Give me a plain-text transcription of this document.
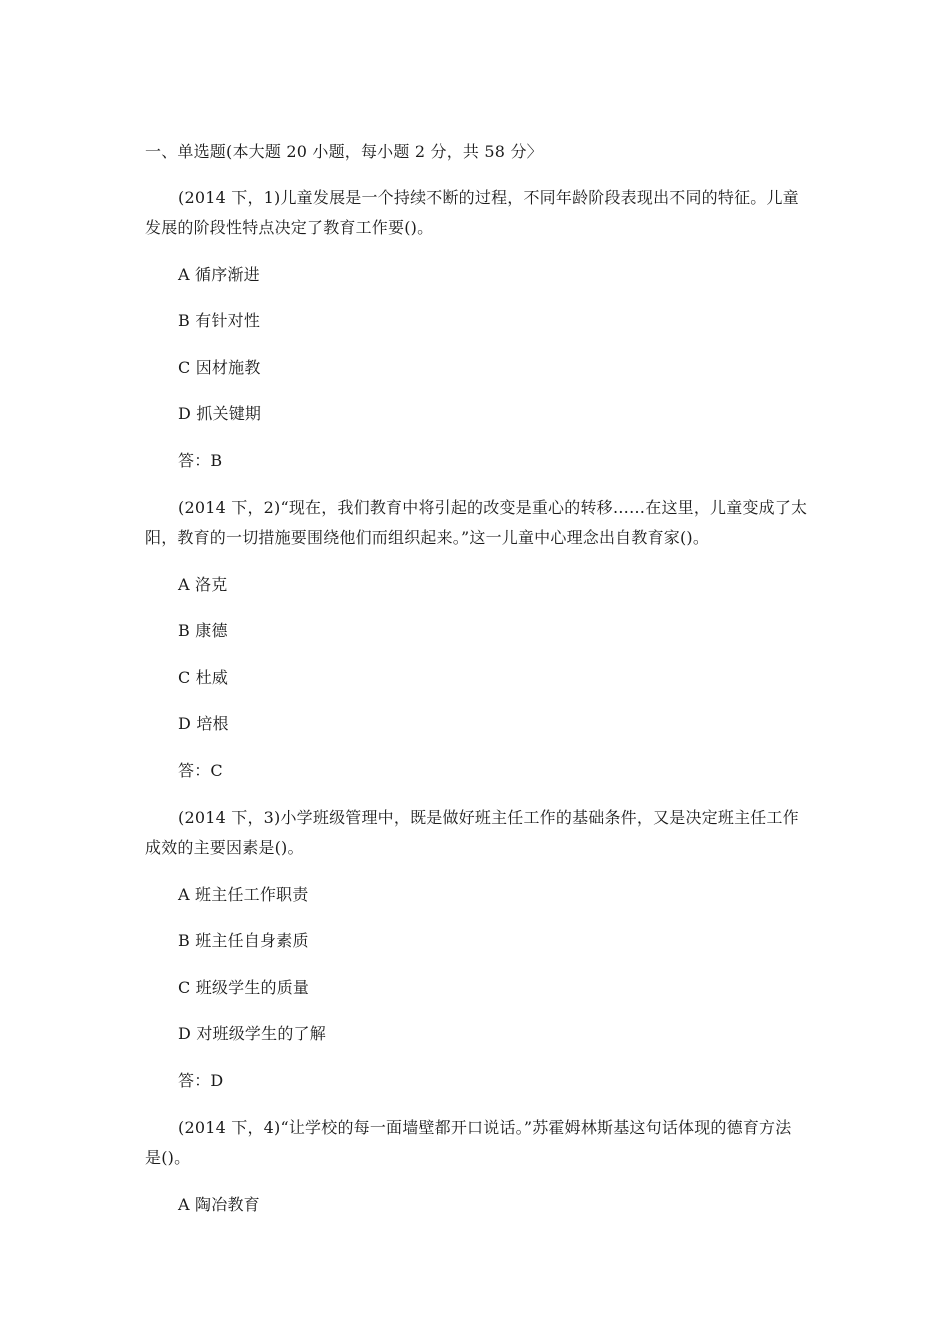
一、单选题(本大题 20 小题，每小题 2 分，共 58 分〉
(2014 下，1)儿童发展是一个持续不断的过程，不同年龄阶段表现出不同的特征。儿童
发展的阶段性特点决定了教育工作要()。
A 循序渐进
B 有针对性
C 因材施教
D 抓关键期
答：B
(2014 下，2)“现在，我们教育中将引起的改变是重心的转移……在这里，儿童变成了太
阳，教育的一切措施要围绕他们而组织起来。”这一儿童中心理念出自教育家()。
A 洛克
B 康德
C 杜威
D 培根
答：C
(2014 下，3)小学班级管理中，既是做好班主任工作的基础条件，又是决定班主任工作
成效的主要因素是()。
A 班主任工作职责
B 班主任自身素质
C 班级学生的质量
D 对班级学生的了解
答：D
(2014 下，4)“让学校的每一面墙壁都开口说话。”苏霍姆林斯基这句话体现的德育方法
是()。
A 陶冶教育
